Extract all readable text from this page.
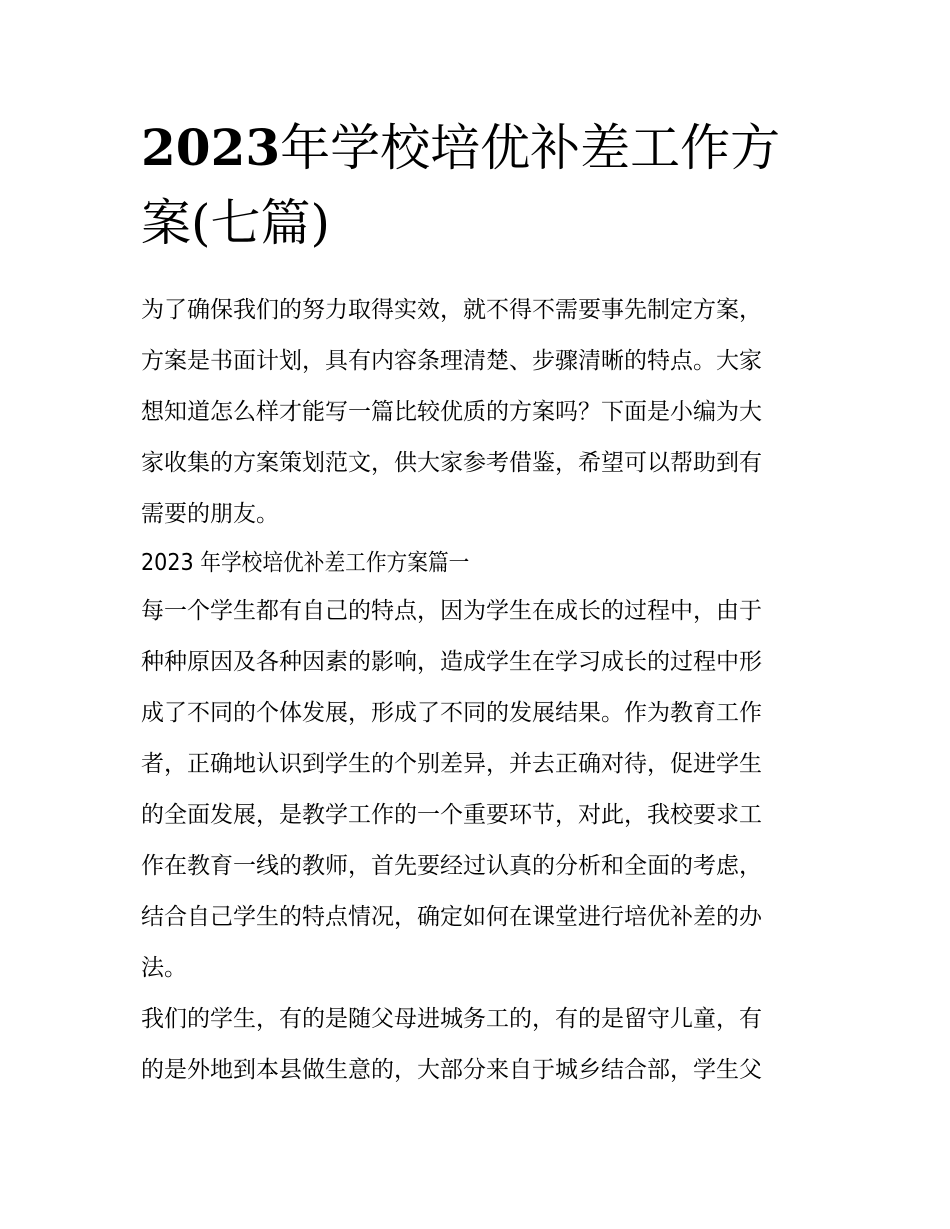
2023年学校培优补差工作方案(七篇)

为了确保我们的努力取得实效，就不得不需要事先制定方案，
方案是书面计划，具有内容条理清楚、步骤清晰的特点。大家
想知道怎么样才能写一篇比较优质的方案吗？下面是小编为大
家收集的方案策划范文，供大家参考借鉴，希望可以帮助到有
需要的朋友。

2023 年学校培优补差工作方案篇一

每一个学生都有自己的特点，因为学生在成长的过程中，由于
种种原因及各种因素的影响，造成学生在学习成长的过程中形
成了不同的个体发展，形成了不同的发展结果。作为教育工作
者，正确地认识到学生的个别差异，并去正确对待，促进学生
的全面发展，是教学工作的一个重要环节，对此，我校要求工
作在教育一线的教师，首先要经过认真的分析和全面的考虑，
结合自己学生的特点情况，确定如何在课堂进行培优补差的办
法。

我们的学生，有的是随父母进城务工的，有的是留守儿童，有
的是外地到本县做生意的，大部分来自于城乡结合部，学生父
